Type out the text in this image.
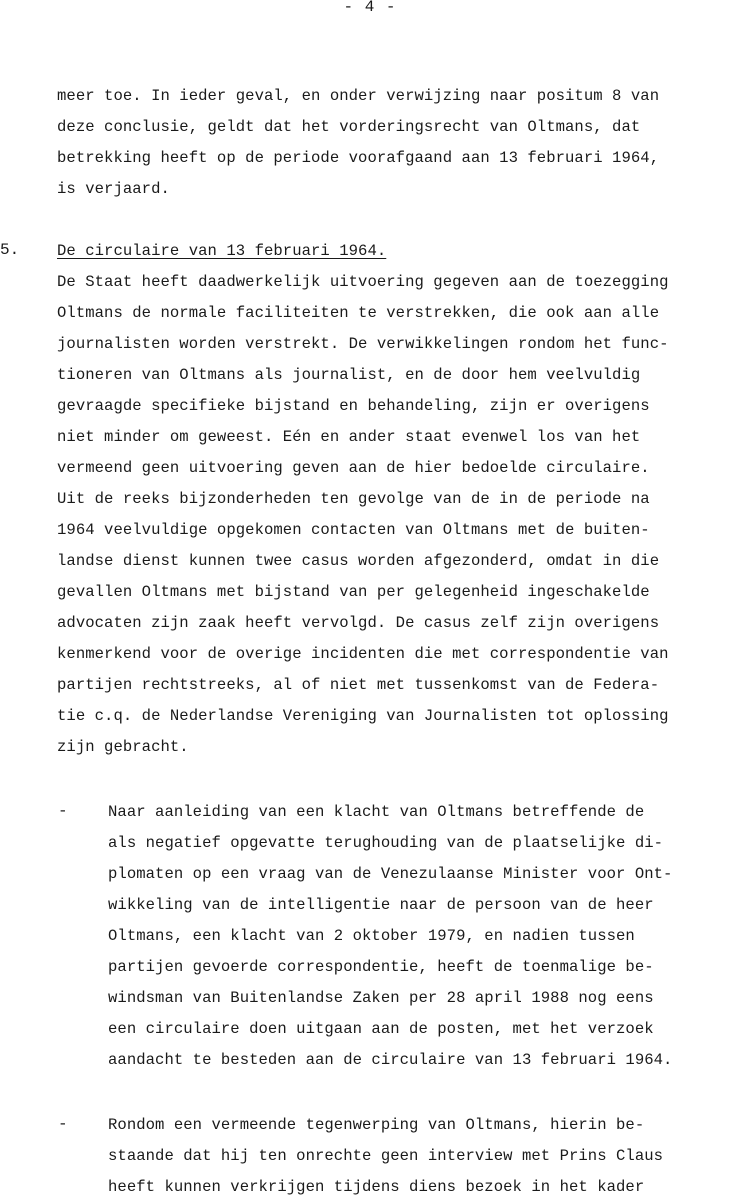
- 4 -
meer toe. In ieder geval, en onder verwijzing naar positum 8 van
deze conclusie, geldt dat het vorderingsrecht van Oltmans, dat
betrekking heeft op de periode voorafgaand aan 13 februari 1964,
is verjaard.
5. De circulaire van 13 februari 1964.
De Staat heeft daadwerkelijk uitvoering gegeven aan de toezegging
Oltmans de normale faciliteiten te verstrekken, die ook aan alle
journalisten worden verstrekt. De verwikkelingen rondom het func-
tioneren van Oltmans als journalist, en de door hem veelvuldig
gevraagde specifieke bijstand en behandeling, zijn er overigens
niet minder om geweest. Eén en ander staat evenwel los van het
vermeend geen uitvoering geven aan de hier bedoelde circulaire.
Uit de reeks bijzonderheden ten gevolge van de in de periode na
1964 veelvuldige opgekomen contacten van Oltmans met de buiten-
landse dienst kunnen twee casus worden afgezonderd, omdat in die
gevallen Oltmans met bijstand van per gelegenheid ingeschakelde
advocaten zijn zaak heeft vervolgd. De casus zelf zijn overigens
kenmerkend voor de overige incidenten die met correspondentie van
partijen rechtstreeks, al of niet met tussenkomst van de Federa-
tie c.q. de Nederlandse Vereniging van Journalisten tot oplossing
zijn gebracht.
-	Naar aanleiding van een klacht van Oltmans betreffende de
als negatief opgevatte terughouding van de plaatselijke di-
plomaten op een vraag van de Venezulaanse Minister voor Ont-
wikkeling van de intelligentie naar de persoon van de heer
Oltmans, een klacht van 2 oktober 1979, en nadien tussen
partijen gevoerde correspondentie, heeft de toenmalige be-
windsman van Buitenlandse Zaken per 28 april 1988 nog eens
een circulaire doen uitgaan aan de posten, met het verzoek
aandacht te besteden aan de circulaire van 13 februari 1964.
-	Rondom een vermeende tegenwerping van Oltmans, hierin be-
staande dat hij ten onrechte geen interview met Prins Claus
heeft kunnen verkrijgen tijdens diens bezoek in het kader
